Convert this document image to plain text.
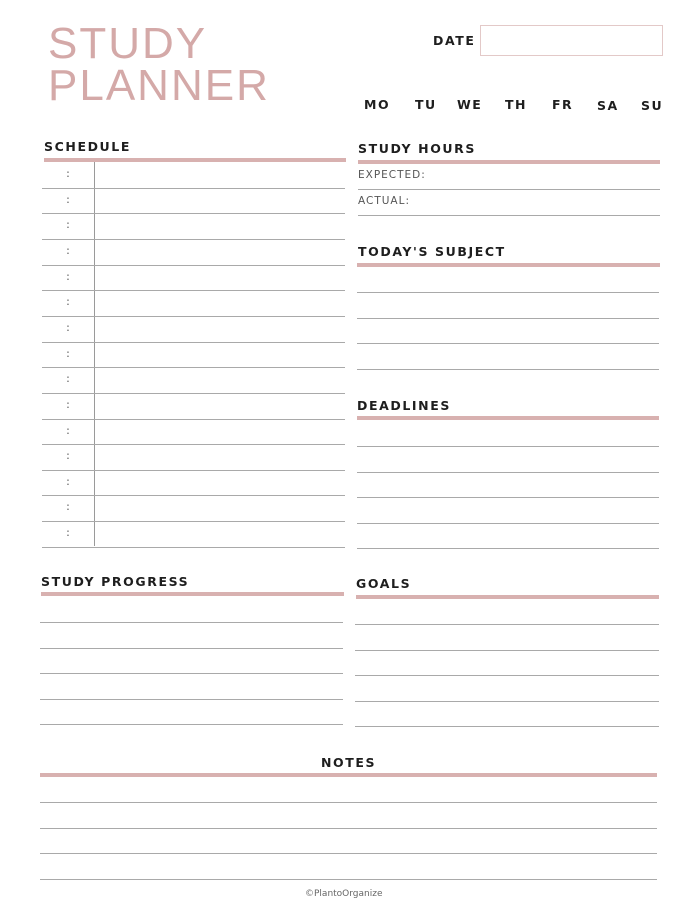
STUDY
PLANNER
DATE
MO TU WE TH FR SA SU
SCHEDULE
:
:
:
:
:
:
:
:
:
:
:
:
:
:
:
STUDY HOURS
EXPECTED:
ACTUAL:
TODAY'S SUBJECT
DEADLINES
STUDY PROGRESS	GOALS
NOTES
©PlantoOrganize
